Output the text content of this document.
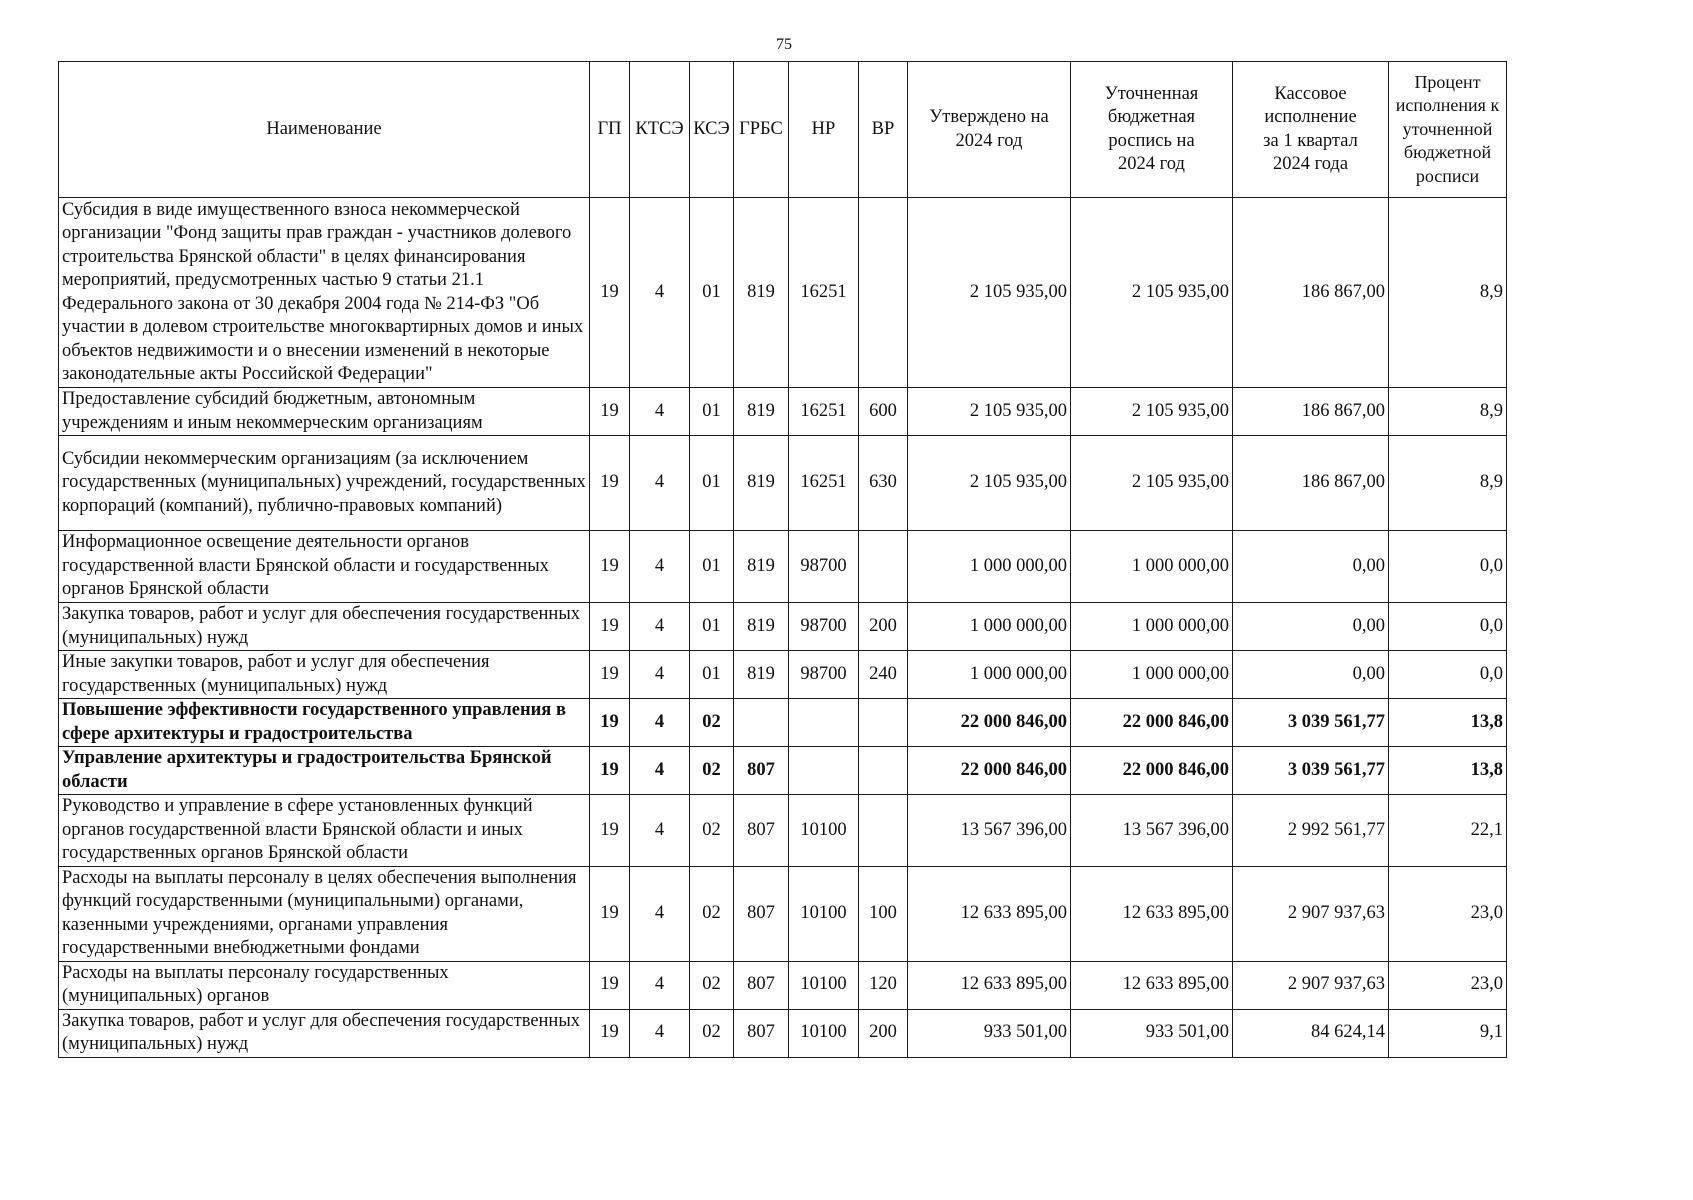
75
Наименование	ГП	КТСЭ	КСЭ	ГРБС	НР	ВР	Утверждено на 2024 год	Уточненная бюджетная роспись на 2024 год	Кассовое исполнение за 1 квартал 2024 года	Процент исполнения к уточненной бюджетной росписи
Субсидия в виде имущественного взноса некоммерческой организации "Фонд защиты прав граждан - участников долевого строительства Брянской области" в целях финансирования мероприятий, предусмотренных частью 9 статьи 21.1 Федерального закона от 30 декабря 2004 года № 214-ФЗ "Об участии в долевом строительстве многоквартирных домов и иных объектов недвижимости и о внесении изменений в некоторые законодательные акты Российской Федерации"	19	4	01	819	16251		2 105 935,00	2 105 935,00	186 867,00	8,9
Предоставление субсидий бюджетным, автономным учреждениям и иным некоммерческим организациям	19	4	01	819	16251	600	2 105 935,00	2 105 935,00	186 867,00	8,9
Субсидии некоммерческим организациям (за исключением государственных (муниципальных) учреждений, государственных корпораций (компаний), публично-правовых компаний)	19	4	01	819	16251	630	2 105 935,00	2 105 935,00	186 867,00	8,9
Информационное освещение деятельности органов государственной власти Брянской области и государственных органов Брянской области	19	4	01	819	98700		1 000 000,00	1 000 000,00	0,00	0,0
Закупка товаров, работ и услуг для обеспечения государственных (муниципальных) нужд	19	4	01	819	98700	200	1 000 000,00	1 000 000,00	0,00	0,0
Иные закупки товаров, работ и услуг для обеспечения государственных (муниципальных) нужд	19	4	01	819	98700	240	1 000 000,00	1 000 000,00	0,00	0,0
Повышение эффективности государственного управления в сфере архитектуры и градостроительства	19	4	02				22 000 846,00	22 000 846,00	3 039 561,77	13,8
Управление архитектуры и градостроительства Брянской области	19	4	02	807			22 000 846,00	22 000 846,00	3 039 561,77	13,8
Руководство и управление в сфере установленных функций органов государственной власти Брянской области и иных государственных органов Брянской области	19	4	02	807	10100		13 567 396,00	13 567 396,00	2 992 561,77	22,1
Расходы на выплаты персоналу в целях обеспечения выполнения функций государственными (муниципальными) органами, казенными учреждениями, органами управления государственными внебюджетными фондами	19	4	02	807	10100	100	12 633 895,00	12 633 895,00	2 907 937,63	23,0
Расходы на выплаты персоналу государственных (муниципальных) органов	19	4	02	807	10100	120	12 633 895,00	12 633 895,00	2 907 937,63	23,0
Закупка товаров, работ и услуг для обеспечения государственных (муниципальных) нужд	19	4	02	807	10100	200	933 501,00	933 501,00	84 624,14	9,1
